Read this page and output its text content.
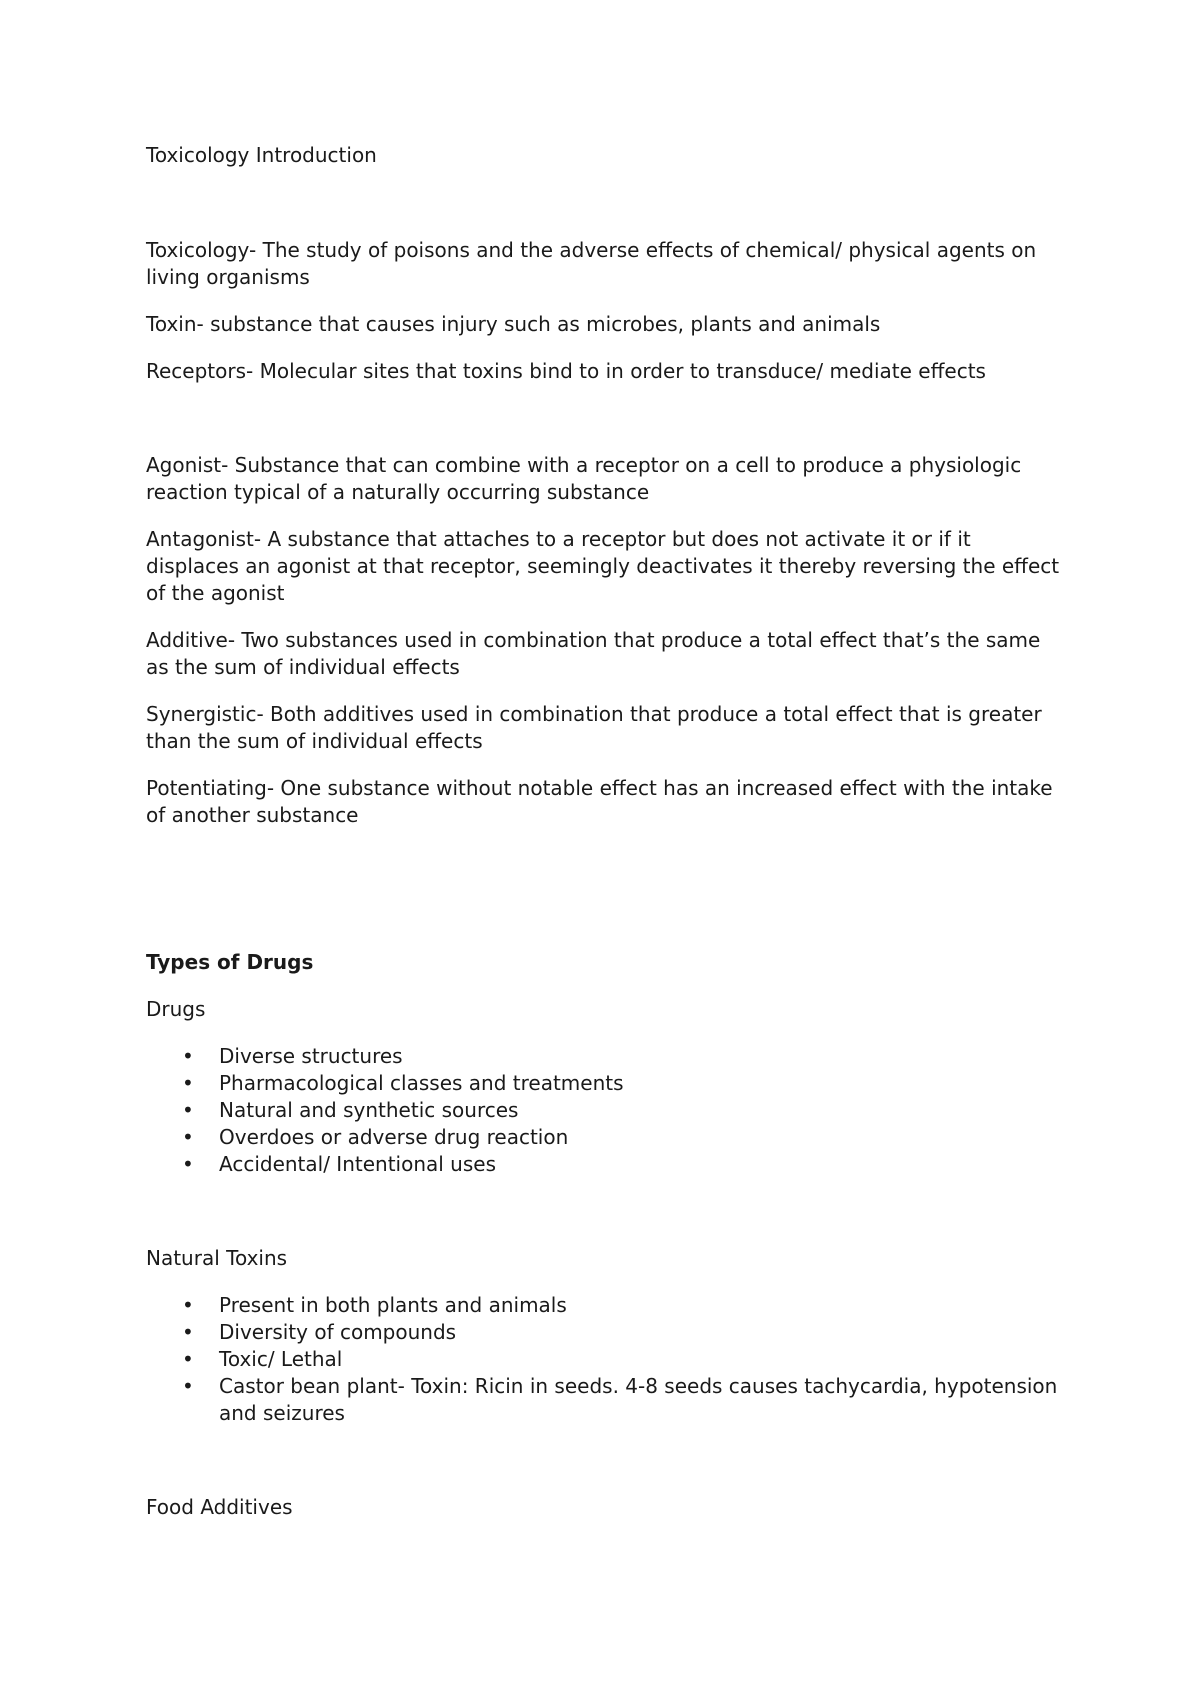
Toxicology Introduction

Toxicology- The study of poisons and the adverse effects of chemical/ physical agents on living organisms

Toxin- substance that causes injury such as microbes, plants and animals

Receptors- Molecular sites that toxins bind to in order to transduce/ mediate effects

Agonist- Substance that can combine with a receptor on a cell to produce a physiologic reaction typical of a naturally occurring substance

Antagonist- A substance that attaches to a receptor but does not activate it or if it displaces an agonist at that receptor, seemingly deactivates it thereby reversing the effect of the agonist

Additive- Two substances used in combination that produce a total effect that’s the same as the sum of individual effects

Synergistic- Both additives used in combination that produce a total effect that is greater than the sum of individual effects

Potentiating- One substance without notable effect has an increased effect with the intake of another substance

Types of Drugs

Drugs

• Diverse structures
• Pharmacological classes and treatments
• Natural and synthetic sources
• Overdoes or adverse drug reaction
• Accidental/ Intentional uses

Natural Toxins

• Present in both plants and animals
• Diversity of compounds
• Toxic/ Lethal
• Castor bean plant- Toxin: Ricin in seeds. 4-8 seeds causes tachycardia, hypotension and seizures

Food Additives
